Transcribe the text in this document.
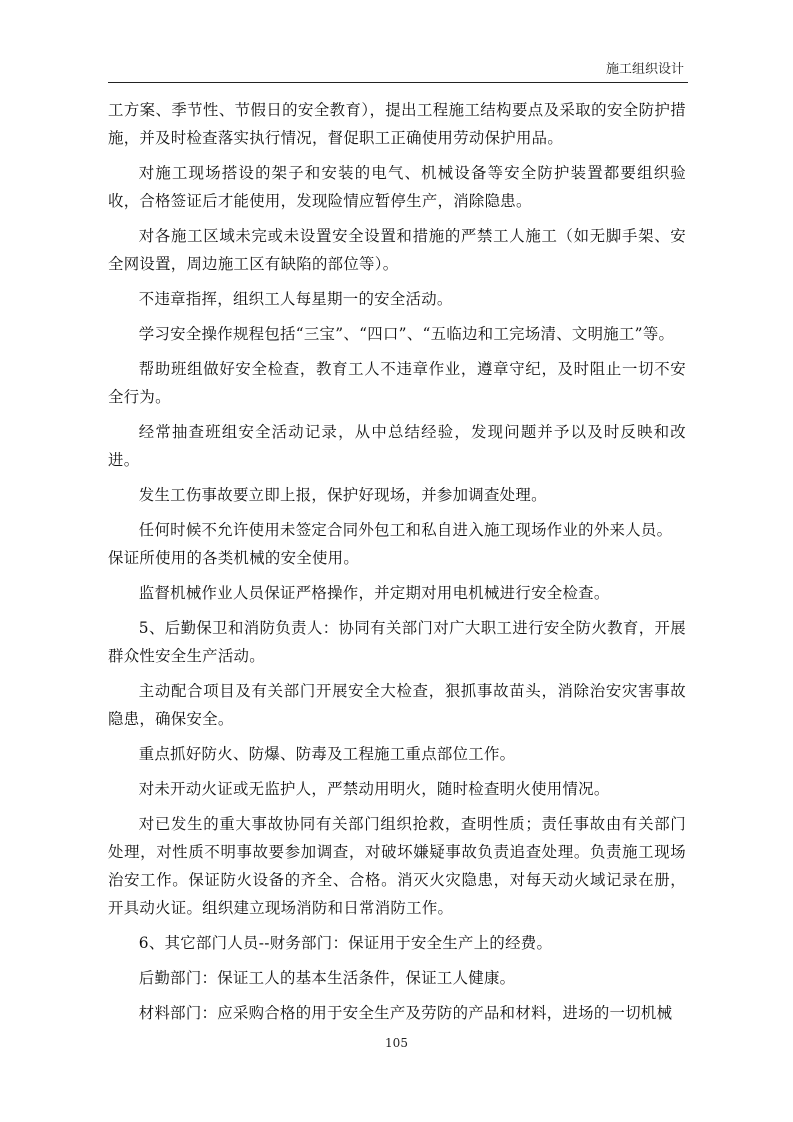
施工组织设计

工方案、季节性、节假日的安全教育），提出工程施工结构要点及采取的安全防护措施，并及时检查落实执行情况，督促职工正确使用劳动保护用品。

对施工现场搭设的架子和安装的电气、机械设备等安全防护装置都要组织验收，合格签证后才能使用，发现险情应暂停生产，消除隐患。

对各施工区域未完或未设置安全设置和措施的严禁工人施工（如无脚手架、安全网设置，周边施工区有缺陷的部位等）。

不违章指挥，组织工人每星期一的安全活动。

学习安全操作规程包括“三宝”、“四口”、“五临边和工完场清、文明施工”等。

帮助班组做好安全检查，教育工人不违章作业，遵章守纪，及时阻止一切不安全行为。

经常抽查班组安全活动记录，从中总结经验，发现问题并予以及时反映和改进。

发生工伤事故要立即上报，保护好现场，并参加调查处理。

任何时候不允许使用未签定合同外包工和私自进入施工现场作业的外来人员。

保证所使用的各类机械的安全使用。

监督机械作业人员保证严格操作，并定期对用电机械进行安全检查。

5、后勤保卫和消防负责人：协同有关部门对广大职工进行安全防火教育，开展群众性安全生产活动。

主动配合项目及有关部门开展安全大检查，狠抓事故苗头，消除治安灾害事故隐患，确保安全。

重点抓好防火、防爆、防毒及工程施工重点部位工作。

对未开动火证或无监护人，严禁动用明火，随时检查明火使用情况。

对已发生的重大事故协同有关部门组织抢救，查明性质；责任事故由有关部门处理，对性质不明事故要参加调查，对破坏嫌疑事故负责追查处理。负责施工现场治安工作。保证防火设备的齐全、合格。消灭火灾隐患，对每天动火域记录在册，开具动火证。组织建立现场消防和日常消防工作。

6、其它部门人员--财务部门：保证用于安全生产上的经费。

后勤部门：保证工人的基本生活条件，保证工人健康。

材料部门：应采购合格的用于安全生产及劳防的产品和材料，进场的一切机械

105
